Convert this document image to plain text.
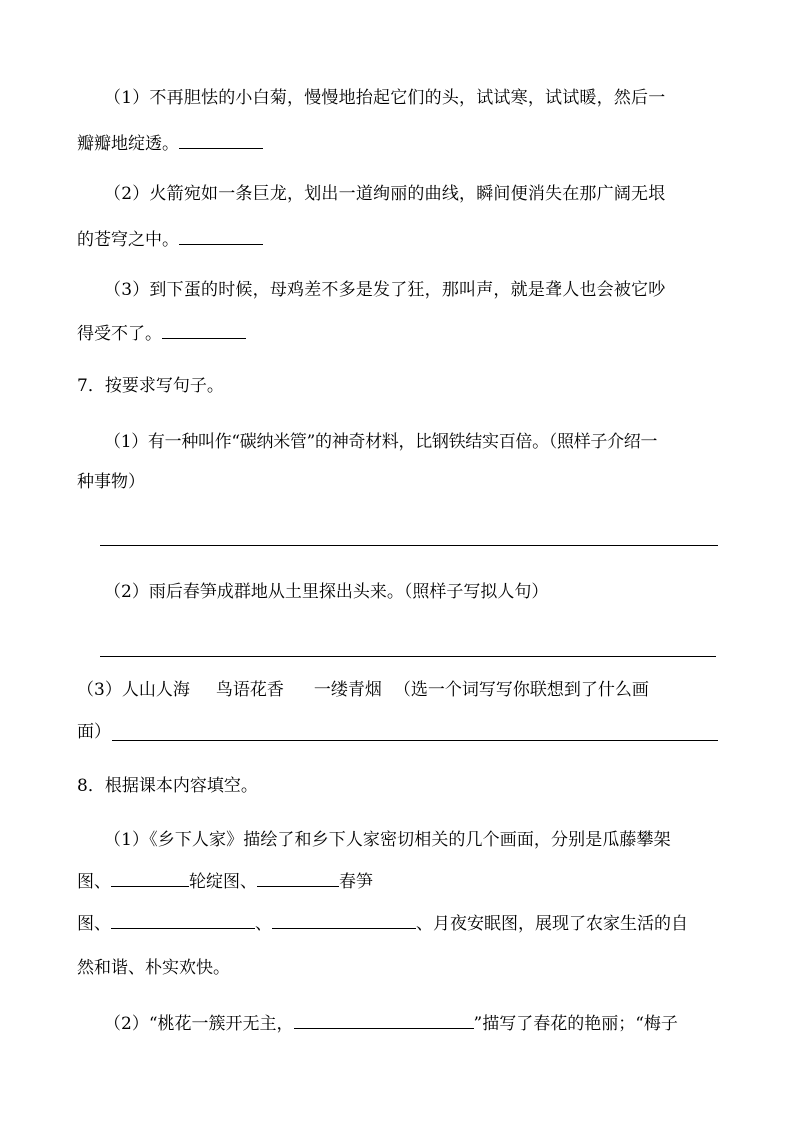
（1）不再胆怯的小白菊，慢慢地抬起它们的头，试试寒，试试暖，然后一
瓣瓣地绽透。
（2）火箭宛如一条巨龙，划出一道绚丽的曲线，瞬间便消失在那广阔无垠
的苍穹之中。
（3）到下蛋的时候，母鸡差不多是发了狂，那叫声，就是聋人也会被它吵
得受不了。
7．按要求写句子。
（1）有一种叫作“碳纳米管”的神奇材料，比钢铁结实百倍。（照样子介绍一
种事物）
（2）雨后春笋成群地从土里探出头来。（照样子写拟人句）
（3）人山人海 鸟语花香 一缕青烟 （选一个词写写你联想到了什么画
面）
8．根据课本内容填空。
（1）《乡下人家》描绘了和乡下人家密切相关的几个画面，分别是瓜藤攀架
图、	轮绽图、	春笋
图、	、	、月夜安眠图，展现了农家生活的自
然和谐、朴实欢快。
（2）“桃花一簇开无主，	”描写了春花的艳丽；“梅子
